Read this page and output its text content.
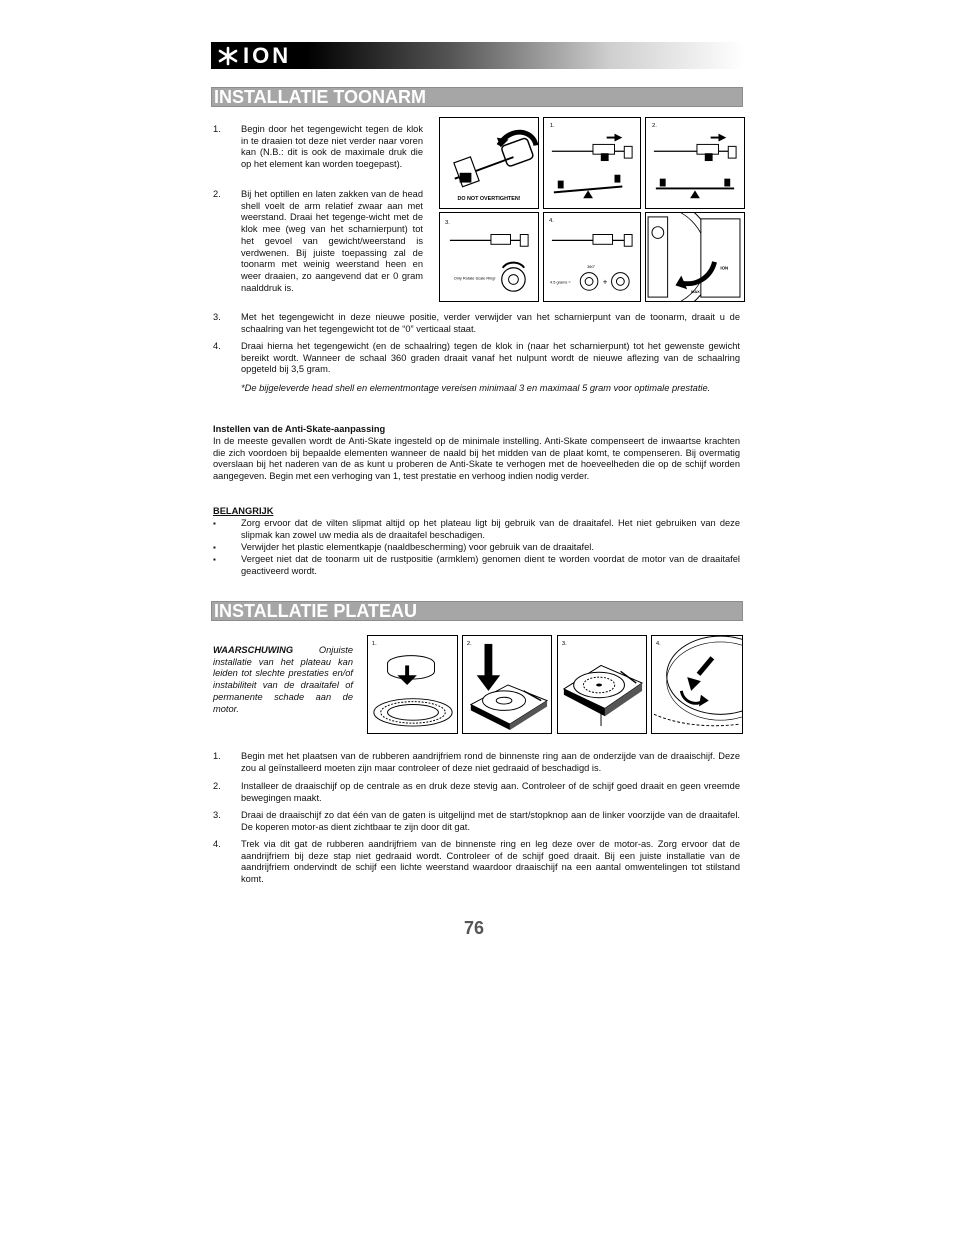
ION
INSTALLATIE TOONARM
1. Begin door het tegengewicht tegen de klok in te draaien tot deze niet verder naar voren kan (N.B.: dit is ook de maximale druk die op het element kan worden toegepast).
2. Bij het optillen en laten zakken van de head shell voelt de arm relatief zwaar aan met weerstand. Draai het tegenge-wicht met de klok mee (weg van het scharnierpunt) tot het gevoel van gewicht/weerstand is verdwenen. Bij juiste toepassing zal de toonarm met weinig weerstand heen en weer draaien, zo aangevend dat er 0 gram naalddruk is.
DO NOT OVERTIGHTEN!
1.	2.
3.
Only Rotate Scale Ring!
4.
360°
4.5 grams =	+
ION
MAX
3. Met het tegengewicht in deze nieuwe positie, verder verwijder van het scharnierpunt van de toonarm, draait u de schaalring van het tegengewicht tot de “0” verticaal staat.
4. Draai hierna het tegengewicht (en de schaalring) tegen de klok in (naar het scharnierpunt) tot het gewenste gewicht bereikt wordt. Wanneer de schaal 360 graden draait vanaf het nulpunt wordt de nieuwe aflezing van de schaalring opgeteld bij 3,5 gram.
*De bijgeleverde head shell en elementmontage vereisen minimaal 3 en maximaal 5 gram voor optimale prestatie.
Instellen van de Anti-Skate-aanpassing
In de meeste gevallen wordt de Anti-Skate ingesteld op de minimale instelling. Anti-Skate compenseert de inwaartse krachten die zich voordoen bij bepaalde elementen wanneer de naald bij het midden van de plaat komt, te compenseren. Bij overmatig overslaan bij het naderen van de as kunt u proberen de Anti-Skate te verhogen met de hoeveelheden die op de schijf worden aangegeven. Begin met een verhoging van 1, test prestatie en verhoog indien nodig verder.
BELANGRIJK
▪	Zorg ervoor dat de vilten slipmat altijd op het plateau ligt bij gebruik van de draaitafel. Het niet gebruiken van deze slipmak kan zowel uw media als de draaitafel beschadigen.
▪	Verwijder het plastic elementkapje (naaldbescherming) voor gebruik van de draaitafel.
▪	Vergeet niet dat de toonarm uit de rustpositie (armklem) genomen dient te worden voordat de motor van de draaitafel geactiveerd wordt.
INSTALLATIE PLATEAU
WAARSCHUWING	Onjuiste installatie van het plateau kan leiden tot slechte prestaties en/of instabiliteit van de draaitafel of permanente schade aan de motor.
1.	2.	3.	4.
1. Begin met het plaatsen van de rubberen aandrijfriem rond de binnenste ring aan de onderzijde van de draaischijf. Deze zou al geïnstalleerd moeten zijn maar controleer of deze niet gedraaid of beschadigd is.
2. Installeer de draaischijf op de centrale as en druk deze stevig aan. Controleer of de schijf goed draait en geen vreemde bewegingen maakt.
3. Draai de draaischijf zo dat één van de gaten is uitgelijnd met de start/stopknop aan de linker voorzijde van de draaitafel. De koperen motor-as dient zichtbaar te zijn door dit gat.
4. Trek via dit gat de rubberen aandrijfriem van de binnenste ring en leg deze over de motor-as. Zorg ervoor dat de aandrijfriem bij deze stap niet gedraaid wordt. Controleer of de schijf goed draait. Bij een juiste installatie van de aandrijfriem ondervindt de schijf een lichte weerstand waardoor draaischijf na een aantal omwentelingen tot stilstand komt.
76
